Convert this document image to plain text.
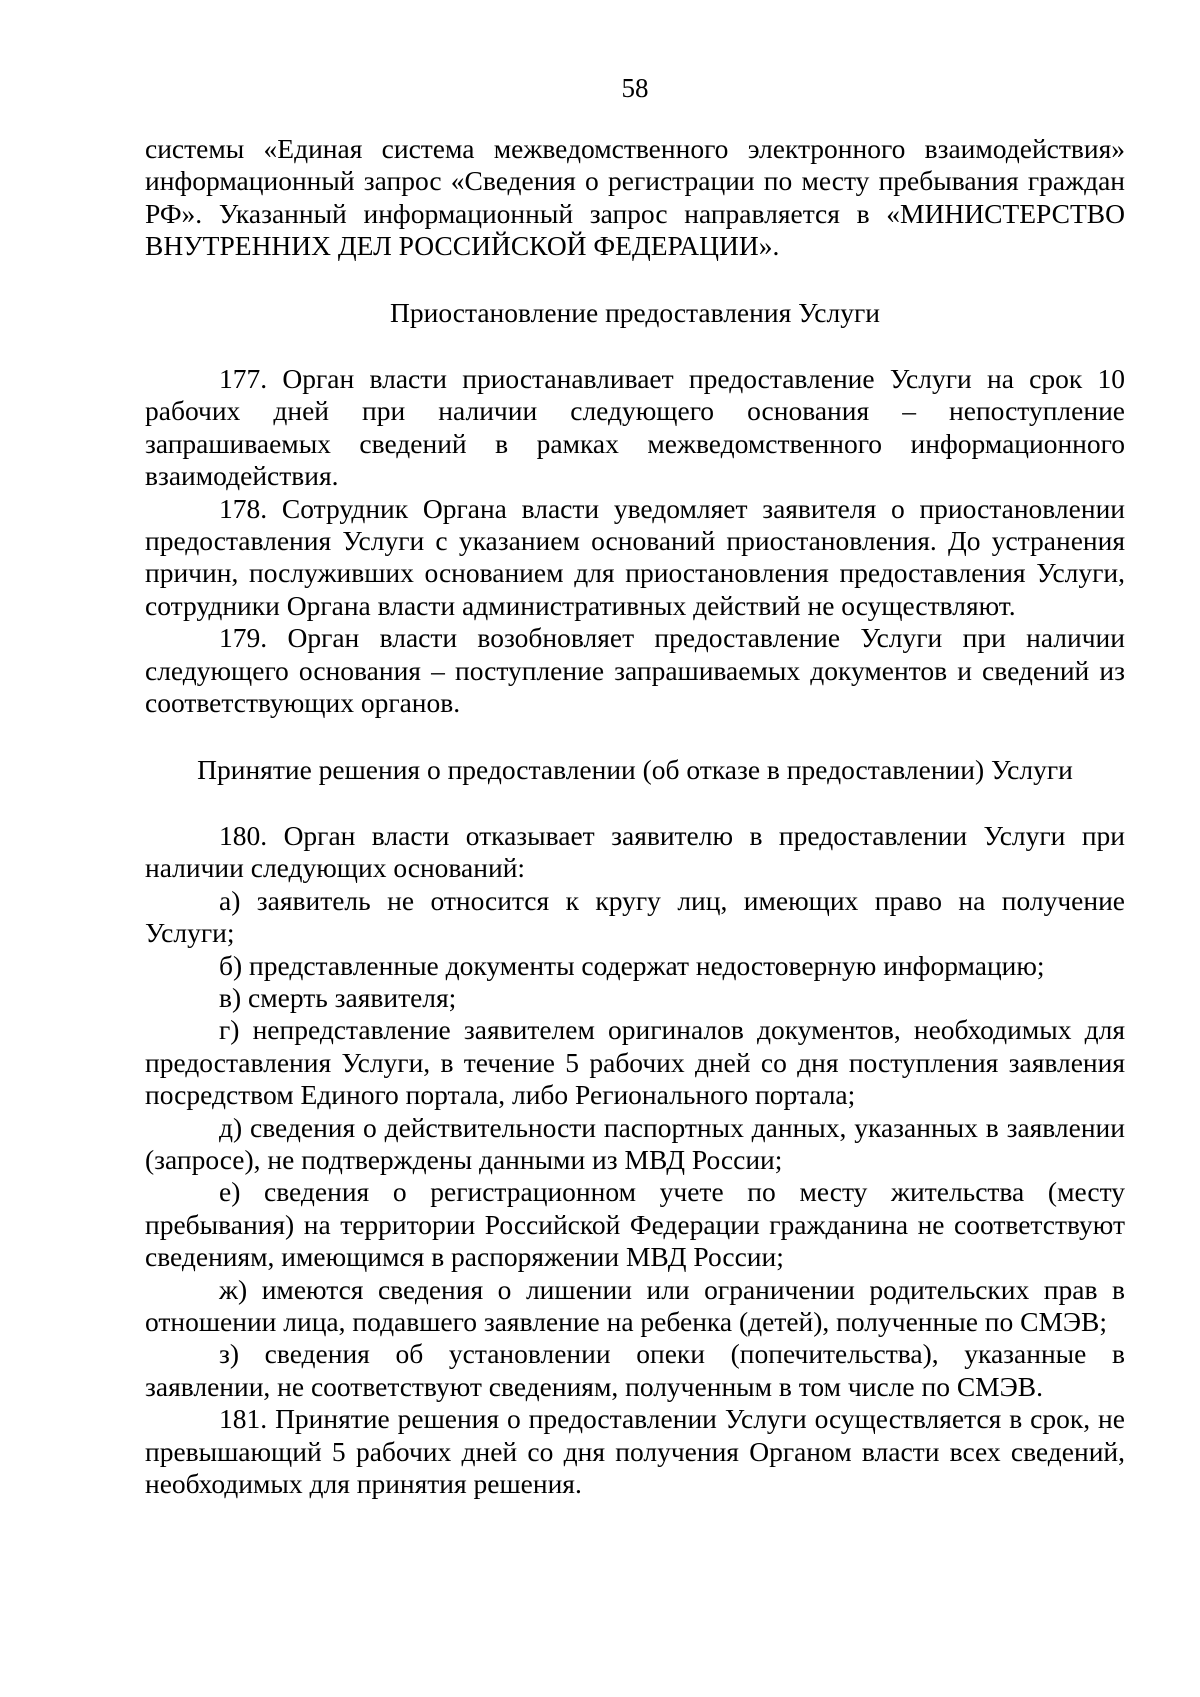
58

системы «Единая система межведомственного электронного взаимодействия» информационный запрос «Сведения о регистрации по месту пребывания граждан РФ». Указанный информационный запрос направляется в «МИНИСТЕРСТВО ВНУТРЕННИХ ДЕЛ РОССИЙСКОЙ ФЕДЕРАЦИИ».

Приостановление предоставления Услуги

177. Орган власти приостанавливает предоставление Услуги на срок 10 рабочих дней при наличии следующего основания – непоступление запрашиваемых сведений в рамках межведомственного информационного взаимодействия.

178. Сотрудник Органа власти уведомляет заявителя о приостановлении предоставления Услуги с указанием оснований приостановления. До устранения причин, послуживших основанием для приостановления предоставления Услуги, сотрудники Органа власти административных действий не осуществляют.

179. Орган власти возобновляет предоставление Услуги при наличии следующего основания – поступление запрашиваемых документов и сведений из соответствующих органов.

Принятие решения о предоставлении (об отказе в предоставлении) Услуги

180. Орган власти отказывает заявителю в предоставлении Услуги при наличии следующих оснований:

а) заявитель не относится к кругу лиц, имеющих право на получение Услуги;

б) представленные документы содержат недостоверную информацию;

в) смерть заявителя;

г) непредставление заявителем оригиналов документов, необходимых для предоставления Услуги, в течение 5 рабочих дней со дня поступления заявления посредством Единого портала, либо Регионального портала;

д) сведения о действительности паспортных данных, указанных в заявлении (запросе), не подтверждены данными из МВД России;

е) сведения о регистрационном учете по месту жительства (месту пребывания) на территории Российской Федерации гражданина не соответствуют сведениям, имеющимся в распоряжении МВД России;

ж) имеются сведения о лишении или ограничении родительских прав в отношении лица, подавшего заявление на ребенка (детей), полученные по СМЭВ;

з) сведения об установлении опеки (попечительства), указанные в заявлении, не соответствуют сведениям, полученным в том числе по СМЭВ.

181. Принятие решения о предоставлении Услуги осуществляется в срок, не превышающий 5 рабочих дней со дня получения Органом власти всех сведений, необходимых для принятия решения.
